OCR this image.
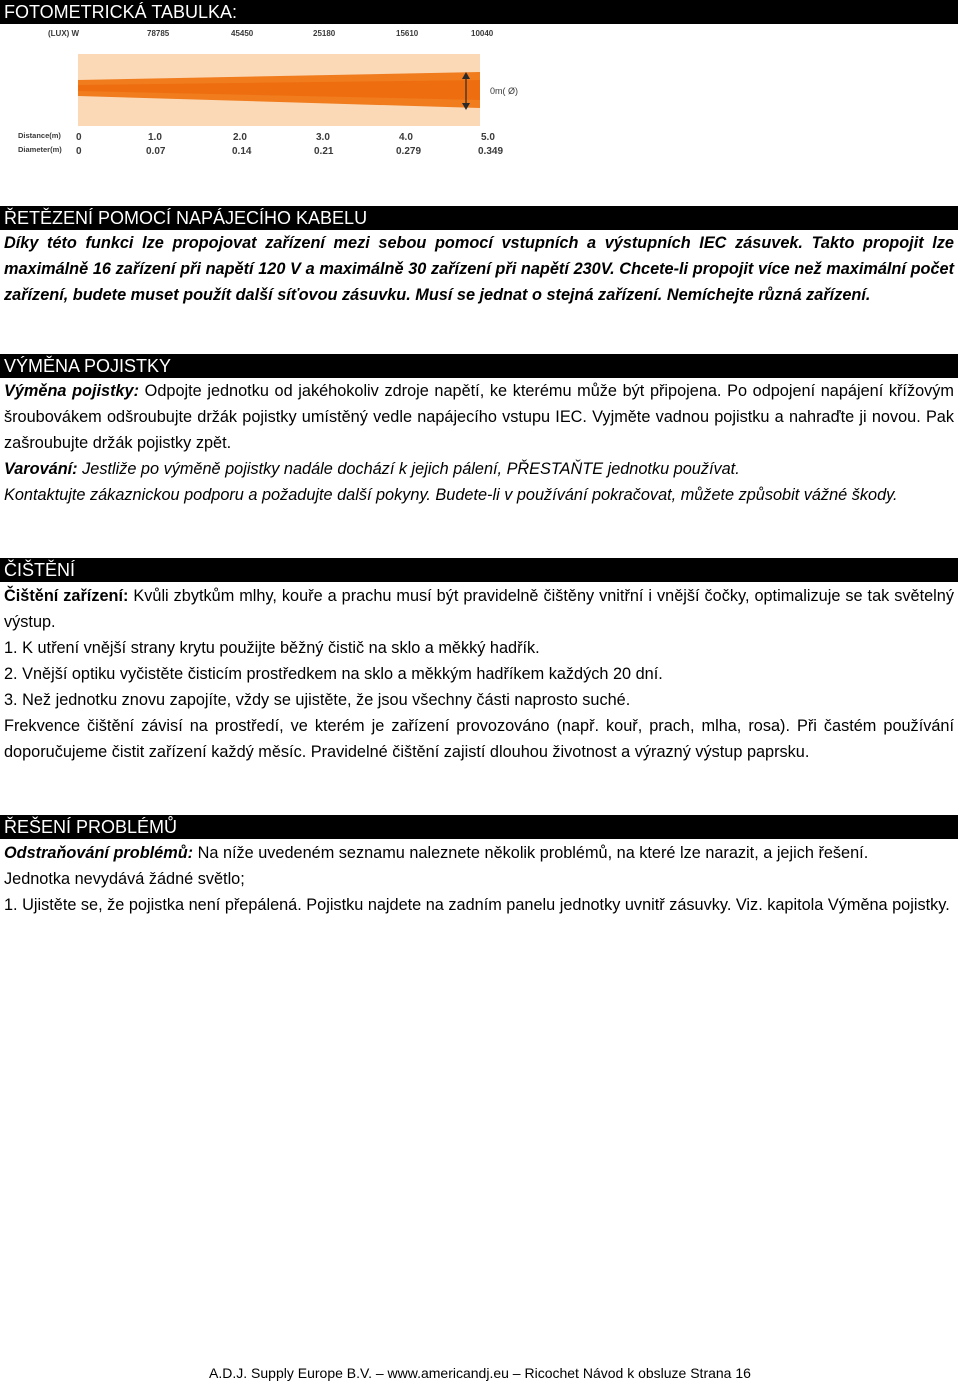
FOTOMETRICKÁ TABULKA:
(LUX) W	78785	45450	25180	15610	10040
0m( Ø)
Distance(m) 0	1.0	2.0	3.0	4.0	5.0
Diameter(m) 0	0.07	0.14	0.21	0.279	0.349
ŘETĚZENÍ POMOCÍ NAPÁJECÍHO KABELU

Díky této funkci lze propojovat zařízení mezi sebou pomocí vstupních a výstupních IEC zásuvek. Takto propojit lze maximálně 16 zařízení při napětí 120 V a maximálně 30 zařízení při napětí 230V. Chcete-li propojit více než maximální počet zařízení, budete muset použít další síťovou zásuvku. Musí se jednat o stejná zařízení. Nemíchejte různá zařízení.

VÝMĚNA POJISTKY

Výměna pojistky: Odpojte jednotku od jakéhokoliv zdroje napětí, ke kterému může být připojena. Po odpojení napájení křížovým šroubovákem odšroubujte držák pojistky umístěný vedle napájecího vstupu IEC. Vyjměte vadnou pojistku a nahraďte ji novou. Pak zašroubujte držák pojistky zpět.

Varování: Jestliže po výměně pojistky nadále dochází k jejich pálení, PŘESTAŇTE jednotku používat.

Kontaktujte zákaznickou podporu a požadujte další pokyny. Budete-li v používání pokračovat, můžete způsobit vážné škody.

ČIŠTĚNÍ

Čištění zařízení: Kvůli zbytkům mlhy, kouře a prachu musí být pravidelně čištěny vnitřní i vnější čočky, optimalizuje se tak světelný výstup.

1. K utření vnější strany krytu použijte běžný čistič na sklo a měkký hadřík.

2. Vnější optiku vyčistěte čisticím prostředkem na sklo a měkkým hadříkem každých 20 dní.

3. Než jednotku znovu zapojíte, vždy se ujistěte, že jsou všechny části naprosto suché.

Frekvence čištění závisí na prostředí, ve kterém je zařízení provozováno (např. kouř, prach, mlha, rosa). Při častém používání doporučujeme čistit zařízení každý měsíc. Pravidelné čištění zajistí dlouhou životnost a výrazný výstup paprsku.

ŘEŠENÍ PROBLÉMŮ

Odstraňování problémů: Na níže uvedeném seznamu naleznete několik problémů, na které lze narazit, a jejich řešení.

Jednotka nevydává žádné světlo;

1. Ujistěte se, že pojistka není přepálená. Pojistku najdete na zadním panelu jednotky uvnitř zásuvky. Viz. kapitola Výměna pojistky.

A.D.J. Supply Europe B.V. – www.americandj.eu – Ricochet Návod k obsluze Strana 16
